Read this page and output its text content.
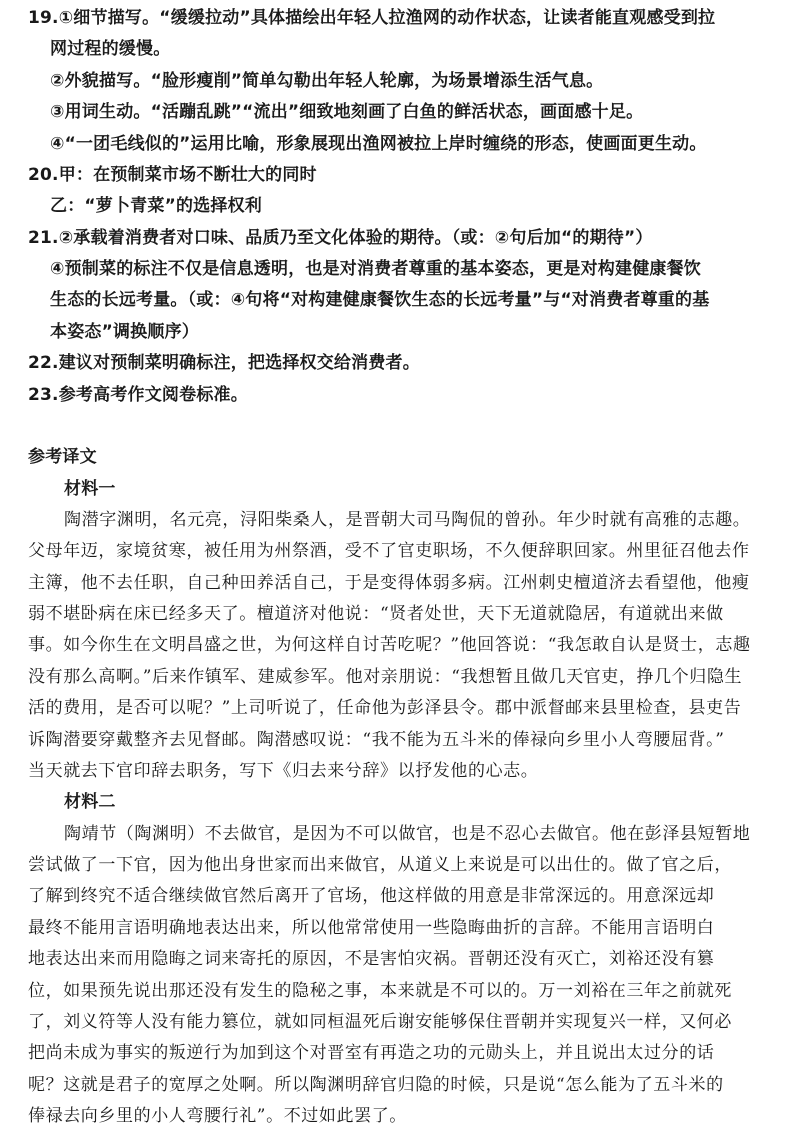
19.①细节描写。“缓缓拉动”具体描绘出年轻人拉渔网的动作状态，让读者能直观感受到拉
网过程的缓慢。
②外貌描写。“脸形瘦削”简单勾勒出年轻人轮廓，为场景增添生活气息。
③用词生动。“活蹦乱跳”“流出”细致地刻画了白鱼的鲜活状态，画面感十足。
④“一团毛线似的”运用比喻，形象展现出渔网被拉上岸时缠绕的形态，使画面更生动。
20.甲：在预制菜市场不断壮大的同时
乙：“萝卜青菜”的选择权利
21.②承载着消费者对口味、品质乃至文化体验的期待。（或：②句后加“的期待”）
④预制菜的标注不仅是信息透明，也是对消费者尊重的基本姿态，更是对构建健康餐饮
生态的长远考量。（或：④句将“对构建健康餐饮生态的长远考量”与“对消费者尊重的基
本姿态”调换顺序）
22.建议对预制菜明确标注，把选择权交给消费者。
23.参考高考作文阅卷标准。
参考译文
材料一
陶潜字渊明，名元亮，浔阳柴桑人，是晋朝大司马陶侃的曾孙。年少时就有高雅的志趣。
父母年迈，家境贫寒，被任用为州祭酒，受不了官吏职场，不久便辞职回家。州里征召他去作
主簿，他不去任职，自己种田养活自己，于是变得体弱多病。江州刺史檀道济去看望他，他瘦
弱不堪卧病在床已经多天了。檀道济对他说：“贤者处世，天下无道就隐居，有道就出来做
事。如今你生在文明昌盛之世，为何这样自讨苦吃呢？”他回答说：“我怎敢自认是贤士，志趣
没有那么高啊。”后来作镇军、建威参军。他对亲朋说：“我想暂且做几天官吏，挣几个归隐生
活的费用，是否可以呢？”上司听说了，任命他为彭泽县令。郡中派督邮来县里检查，县吏告
诉陶潜要穿戴整齐去见督邮。陶潜感叹说：“我不能为五斗米的俸禄向乡里小人弯腰屈背。”
当天就去下官印辞去职务，写下《归去来兮辞》以抒发他的心志。
材料二
陶靖节（陶渊明）不去做官，是因为不可以做官，也是不忍心去做官。他在彭泽县短暂地
尝试做了一下官，因为他出身世家而出来做官，从道义上来说是可以出仕的。做了官之后，
了解到终究不适合继续做官然后离开了官场，他这样做的用意是非常深远的。用意深远却
最终不能用言语明确地表达出来，所以他常常使用一些隐晦曲折的言辞。不能用言语明白
地表达出来而用隐晦之词来寄托的原因，不是害怕灾祸。晋朝还没有灭亡，刘裕还没有篡
位，如果预先说出那还没有发生的隐秘之事，本来就是不可以的。万一刘裕在三年之前就死
了，刘义符等人没有能力篡位，就如同桓温死后谢安能够保住晋朝并实现复兴一样，又何必
把尚未成为事实的叛逆行为加到这个对晋室有再造之功的元勋头上，并且说出太过分的话
呢？这就是君子的宽厚之处啊。所以陶渊明辞官归隐的时候，只是说“怎么能为了五斗米的
俸禄去向乡里的小人弯腰行礼”。不过如此罢了。
